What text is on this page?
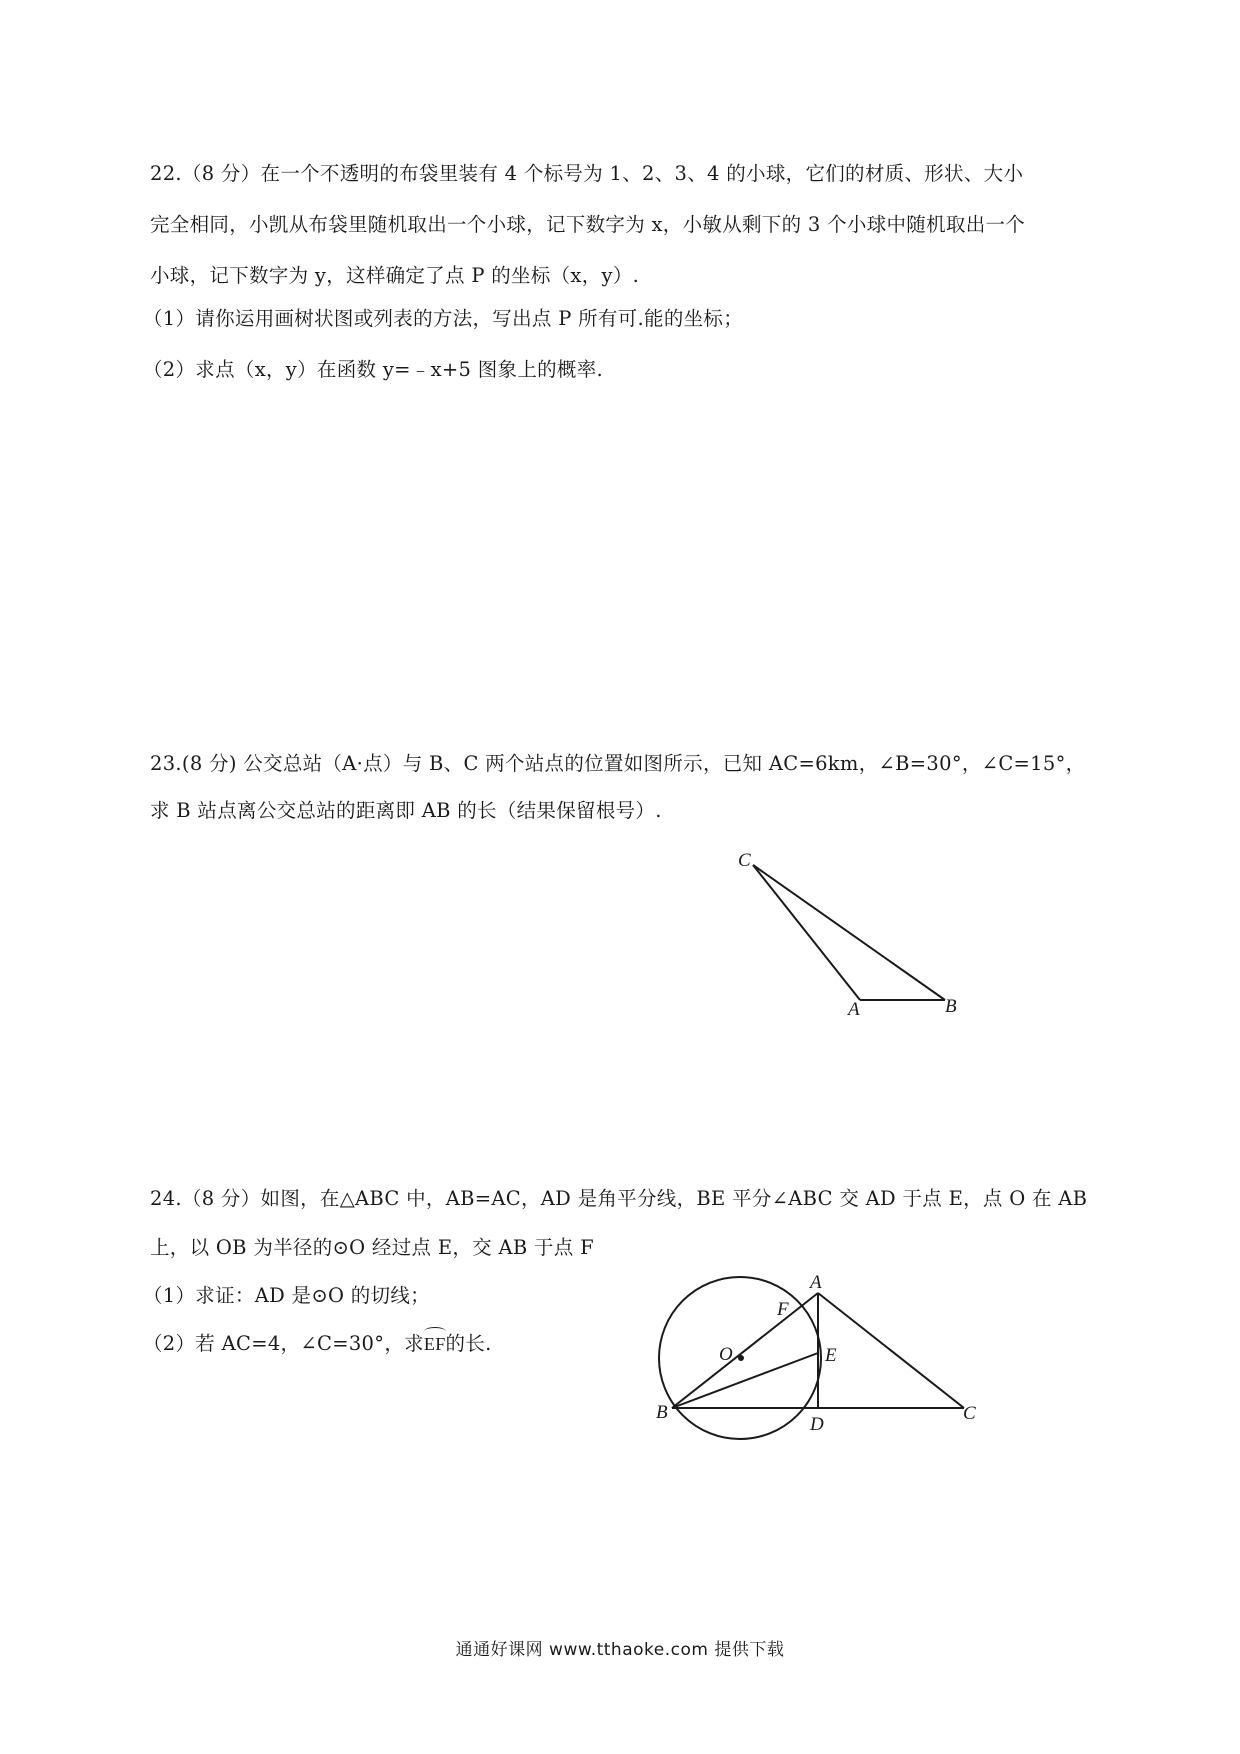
22.（8 分）在一个不透明的布袋里装有 4 个标号为 1、2、3、4 的小球，它们的材质、形状、大小
完全相同，小凯从布袋里随机取出一个小球，记下数字为 x，小敏从剩下的 3 个小球中随机取出一个
小球，记下数字为 y，这样确定了点 P 的坐标（x，y）.
（1）请你运用画树状图或列表的方法，写出点 P 所有可.能的坐标；
（2）求点（x，y）在函数 y=﹣x+5 图象上的概率.
23.(8 分) 公交总站（A·点）与 B、C 两个站点的位置如图所示，已知 AC=6km，∠B=30°，∠C=15°，
求 B 站点离公交总站的距离即 AB 的长（结果保留根号）.
C
A	B
24.（8 分）如图，在△ABC 中，AB=AC，AD 是角平分线，BE 平分∠ABC 交 AD 于点 E，点 O 在 AB
上，以 OB 为半径的⊙O 经过点 E，交 AB 于点 F
（1）求证：AD 是⊙O 的切线；
（2）若 AC=4，∠C=30°，求EF的长.
A
F
O	E
B
D
C
通通好课网 www.tthaoke.com 提供下载
